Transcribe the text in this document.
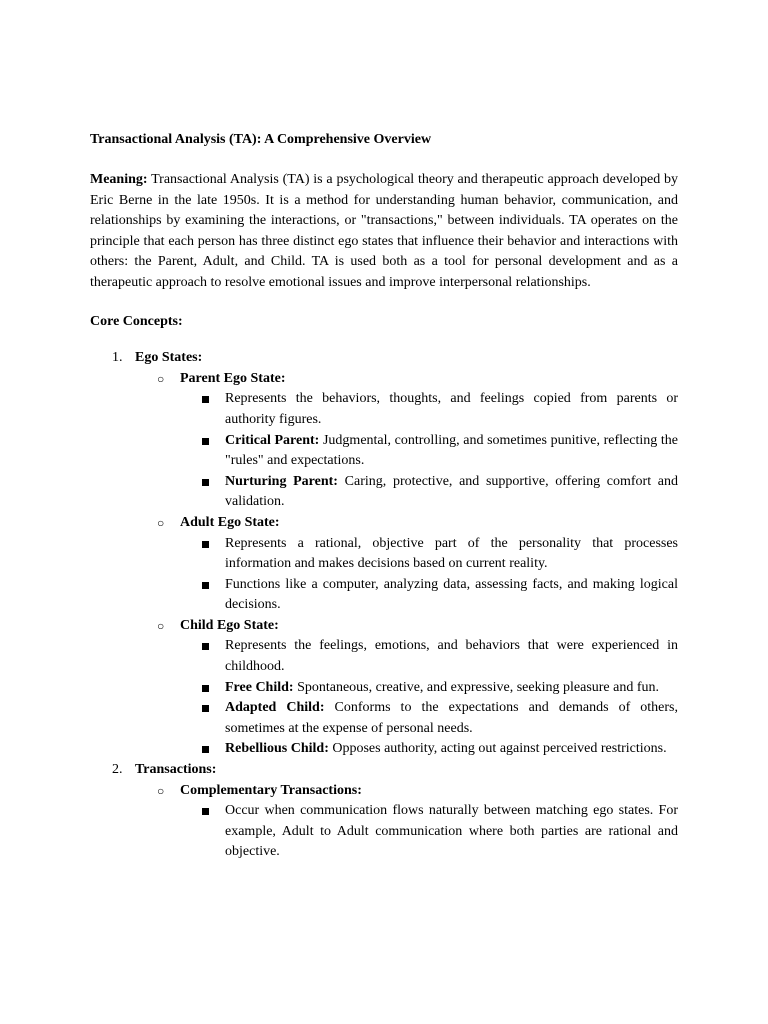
Transactional Analysis (TA): A Comprehensive Overview

Meaning: Transactional Analysis (TA) is a psychological theory and therapeutic approach developed by Eric Berne in the late 1950s. It is a method for understanding human behavior, communication, and relationships by examining the interactions, or "transactions," between individuals. TA operates on the principle that each person has three distinct ego states that influence their behavior and interactions with others: the Parent, Adult, and Child. TA is used both as a tool for personal development and as a therapeutic approach to resolve emotional issues and improve interpersonal relationships.

Core Concepts:

1. Ego States:
○ Parent Ego State:
Represents the behaviors, thoughts, and feelings copied from parents or authority figures.
Critical Parent: Judgmental, controlling, and sometimes punitive, reflecting the "rules" and expectations.
Nurturing Parent: Caring, protective, and supportive, offering comfort and validation.
○ Adult Ego State:
Represents a rational, objective part of the personality that processes information and makes decisions based on current reality.
Functions like a computer, analyzing data, assessing facts, and making logical decisions.
○ Child Ego State:
Represents the feelings, emotions, and behaviors that were experienced in childhood.
Free Child: Spontaneous, creative, and expressive, seeking pleasure and fun.
Adapted Child: Conforms to the expectations and demands of others, sometimes at the expense of personal needs.
Rebellious Child: Opposes authority, acting out against perceived restrictions.
2. Transactions:
○ Complementary Transactions:
Occur when communication flows naturally between matching ego states. For example, Adult to Adult communication where both parties are rational and objective.
